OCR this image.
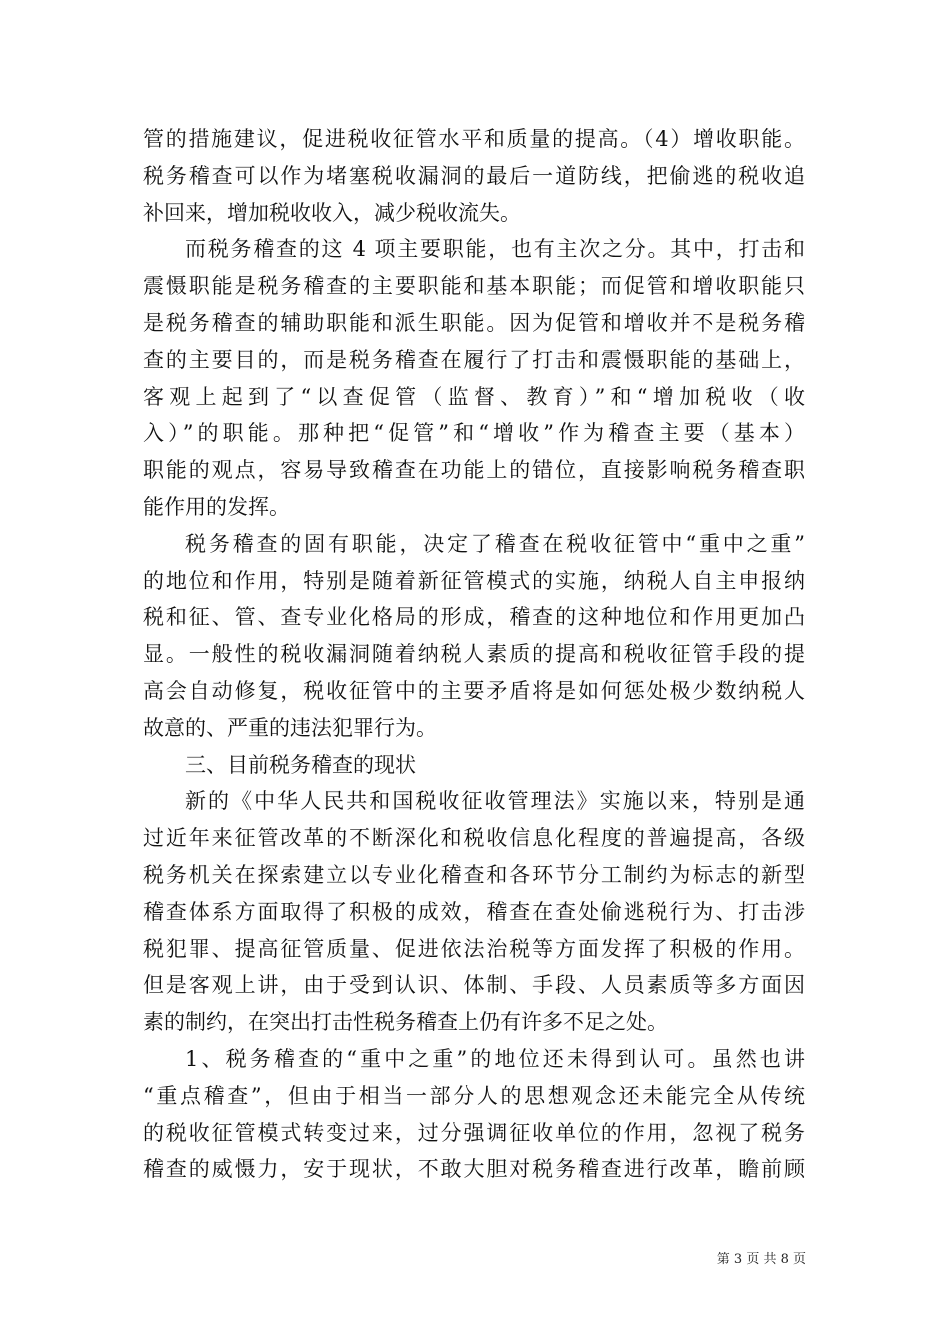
管的措施建议，促进税收征管水平和质量的提高。（4）增收职能。
税务稽查可以作为堵塞税收漏洞的最后一道防线，把偷逃的税收追
补回来，增加税收收入，减少税收流失。
而税务稽查的这 4 项主要职能，也有主次之分。其中，打击和
震慑职能是税务稽查的主要职能和基本职能；而促管和增收职能只
是税务稽查的辅助职能和派生职能。因为促管和增收并不是税务稽
查的主要目的，而是税务稽查在履行了打击和震慑职能的基础上，
客观上起到了“以查促管（监督、教育）”和“增加税收（收
入）”的职能。那种把“促管”和“增收”作为稽查主要（基本）
职能的观点，容易导致稽查在功能上的错位，直接影响税务稽查职
能作用的发挥。
税务稽查的固有职能，决定了稽查在税收征管中“重中之重”
的地位和作用，特别是随着新征管模式的实施，纳税人自主申报纳
税和征、管、查专业化格局的形成，稽查的这种地位和作用更加凸
显。一般性的税收漏洞随着纳税人素质的提高和税收征管手段的提
高会自动修复，税收征管中的主要矛盾将是如何惩处极少数纳税人
故意的、严重的违法犯罪行为。
三、目前税务稽查的现状
新的《中华人民共和国税收征收管理法》实施以来，特别是通
过近年来征管改革的不断深化和税收信息化程度的普遍提高，各级
税务机关在探索建立以专业化稽查和各环节分工制约为标志的新型
稽查体系方面取得了积极的成效，稽查在查处偷逃税行为、打击涉
税犯罪、提高征管质量、促进依法治税等方面发挥了积极的作用。
但是客观上讲，由于受到认识、体制、手段、人员素质等多方面因
素的制约，在突出打击性税务稽查上仍有许多不足之处。
1、税务稽查的“重中之重”的地位还未得到认可。虽然也讲
“重点稽查”，但由于相当一部分人的思想观念还未能完全从传统
的税收征管模式转变过来，过分强调征收单位的作用，忽视了税务
稽查的威慑力，安于现状，不敢大胆对税务稽查进行改革，瞻前顾
第 3 页 共 8 页
